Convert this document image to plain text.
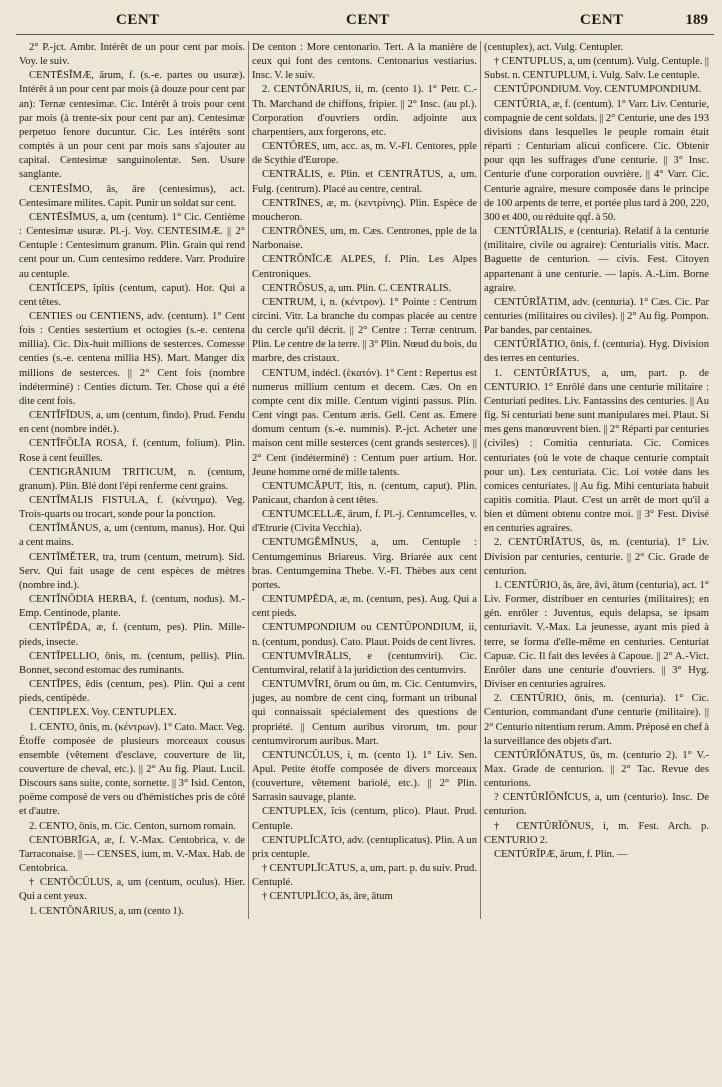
CENT	CENT	CENT	189

2° P.-jct. Ambr. Intérêt de un pour cent par mois. Voy. le suiv.

CENTĒSĬMÆ, ārum, f. (s.-e. partes ou usuræ). Intérêt à un pour cent par mois (à douze pour cent par an): Ternæ centesimæ. Cic. Intérêt à trois pour cent par mois (à trente-six pour cent par an). Centesimæ perpetuo fenore ducuntur. Cic. Les intérêts sont comptés à un pour cent par mois sans s'ajouter au capital. Centesimæ sanguinolentæ. Sen. Usure sanglante.

CENTĒSĬMO, ās, āre (centesimus), act. Centesimare milites. Capit. Punir un soldat sur cent.

CENTĒSĬMUS, a, um (centum). 1° Cic. Centième : Centesimæ usuræ. Pl.-j. Voy. CENTESIMÆ. || 2° Centuple : Centesimum granum. Plin. Grain qui rend cent pour un. Cum centesimo reddere. Varr. Produire au centuple.

CENTĬCEPS, ĭpĭtis (centum, caput). Hor. Qui a cent têtes.

CENTIES ou CENTIENS, adv. (centum). 1° Cent fois : Centies sestertium et octogies (s.-e. centena millia). Cic. Dix-huit millions de sesterces. Comesse centies (s.-e. centena millia HS). Mart. Manger dix millions de sesterces. || 2° Cent fois (nombre indéterminé) : Centies dictum. Ter. Chose qui a été dite cent fois.

CENTĬFĬDUS, a, um (centum, findo). Prud. Fendu en cent (nombre indét.).

CENTĬFŎLĬA ROSA, f. (centum, folium). Plin. Rose à cent feuilles.

CENTIGRĀNIUM TRITICUM, n. (centum, granum). Plin. Blé dont l'épi renferme cent grains.

CENTĬMĀLIS FISTULA, f. (κέντημα). Veg. Trois-quarts ou trocart, sonde pour la ponction.

CENTĬMĂNUS, a, um (centum, manus). Hor. Qui a cent mains.

CENTĬMĔTER, tra, trum (centum, metrum). Sid. Serv. Qui fait usage de cent espèces de mètres (nombre ind.).

CENTĬNŌDIA HERBA, f. (centum, nodus). M.-Emp. Centinode, plante.

CENTĬPĔDA, æ, f. (centum, pes). Plin. Mille-pieds, insecte.

CENTĬPELLIO, ōnis, m. (centum, pellis). Plin. Bonnet, second estomac des ruminants.

CENTĬPES, ĕdis (centum, pes). Plin. Qui a cent pieds, centipède.

CENTIPLEX. Voy. CENTUPLEX.

1. CENTO, ōnis, m. (κέντρων). 1° Cato. Macr. Veg. Étoffe composée de plusieurs morceaux cousus ensemble (vêtement d'esclave, couverture de lit, couverture de cheval, etc.). || 2° Au fig. Plaut. Lucil. Discours sans suite, conte, sornette. || 3° Isid. Centon, poëme composé de vers ou d'hémistiches pris de côté et d'autre.

2. CENTO, ōnis, m. Cic. Centon, surnom romain.

CENTOBRĪGA, æ, f. V.-Max. Centobrica, v. de Tarraconaise. || — CENSES, ium, m. V.-Max. Hab. de Centobrica.

† CENTŎCŬLUS, a, um (centum, oculus). Hier. Qui a cent yeux.

1. CENTŌNĀRIUS, a, um (cento 1).

De centon : More centonario. Tert. A la manière de ceux qui font des centons. Centonarius vestiarius. Insc. V. le suiv.

2. CENTŌNĀRIUS, ii, m. (cento 1). 1° Petr. C.-Th. Marchand de chiffons, fripier. || 2° Insc. (au pl.). Corporation d'ouvriers ordin. adjointe aux charpentiers, aux forgerons, etc.

CENTŌRES, um, acc. as, m. V.-Fl. Centores, pple de Scythie d'Europe.

CENTRĀLIS, e. Plin. et CENTRĀTUS, a, um. Fulg. (centrum). Placé au centre, central.

CENTRĪNES, æ, m. (κεντρίνης). Plin. Espèce de moucheron.

CENTRŌNES, um, m. Cæs. Centrones, pple de la Narbonaise.

CENTRŌNĬCÆ ALPES, f. Plin. Les Alpes Centroniques.

CENTRŌSUS, a, um. Plin. C. CENTRALIS.

CENTRUM, i, n. (κέντρον). 1° Pointe : Centrum circini. Vitr. La branche du compas placée au centre du cercle qu'il décrit. || 2° Centre : Terræ centrum. Plin. Le centre de la terre. || 3° Plin. Nœud du bois, du marbre, des cristaux.

CENTUM, indécl. (ἑκατόν). 1° Cent : Repertus est numerus millium centum et decem. Cæs. On en compte cent dix mille. Centum viginti passus. Plin. Cent vingt pas. Centum æris. Gell. Cent as. Emere domum centum (s.-e. nummis). P.-jct. Acheter une maison cent mille sesterces (cent grands sesterces). || 2° Cent (indéterminé) : Centum puer artium. Hor. Jeune homme orné de mille talents.

CENTUMCĂPUT, ĭtis, n. (centum, caput). Plin. Panicaut, chardon à cent têtes.

CENTUMCELLÆ, ārum, f. Pl.-j. Centumcelles, v. d'Etrurie (Civita Vecchia).

CENTUMGĔMĬNUS, a, um. Centuple : Centumgeminus Briareus. Virg. Briarée aux cent bras. Centumgemina Thebe. V.-Fl. Thèbes aux cent portes.

CENTUMPĔDA, æ, m. (centum, pes). Aug. Qui a cent pieds.

CENTUMPONDIUM ou CENTŬPONDIUM, ii, n. (centum, pondus). Cato. Plaut. Poids de cent livres.

CENTUMVĬRĀLIS, e (centumviri). Cic. Centumviral, relatif à la juridiction des centumvirs.

CENTUMVĬRI, ōrum ou ûm, m. Cic. Centumvirs, juges, au nombre de cent cinq, formant un tribunal qui connaissait spécialement des questions de propriété. || Centum auribus virorum, tm. pour centumvirorum auribus. Mart.

CENTUNCŬLUS, i, m. (cento 1). 1° Liv. Sen. Apul. Petite étoffe composée de divers morceaux (couverture, vêtement bariolé, etc.). || 2° Plin. Sarrasin sauvage, plante.

CENTUPLEX, ĭcis (centum, plico). Plaut. Prud. Centuple.

CENTUPLĬCĀTO, adv. (centuplicatus). Plin. A un prix centuple.

† CENTUPLĬCĀTUS, a, um, part. p. du suiv. Prud. Centuplé.

† CENTUPLĬCO, ās, āre, ātum

(centuplex), act. Vulg. Centupler.

† CENTUPLUS, a, um (centum). Vulg. Centuple. || Subst. n. CENTUPLUM, i. Vulg. Salv. Le centuple.

CENTŬPONDIUM. Voy. CENTUMPONDIUM.

CENTŬRIA, æ, f. (centum). 1° Varr. Liv. Centurie, compagnie de cent soldats. || 2° Centurie, une des 193 divisions dans lesquelles le peuple romain était réparti : Centuriam alicui conficere. Cic. Obtenir pour qqn les suffrages d'une centurie. || 3° Insc. Centurie d'une corporation ouvrière. || 4° Varr. Cic. Centurie agraire, mesure composée dans le principe de 100 arpents de terre, et portée plus tard à 200, 220, 300 et 400, ou réduite qqf. à 50.

CENTŬRĬĀLIS, e (centuria). Relatif à la centurie (militaire, civile ou agraire): Centurialis vitis. Macr. Baguette de centurion. — civis. Fest. Citoyen appartenant à une centurie. — lapis. A.-Lim. Borne agraire.

CENTŬRĬĀTIM, adv. (centuria). 1° Cæs. Cic. Par centuries (militaires ou civiles). || 2° Au fig. Pompon. Par bandes, par centaines.

CENTŬRĬĀTIO, ōnis, f. (centuria). Hyg. Division des terres en centuries.

1. CENTŬRĬĀTUS, a, um, part. p. de CENTURIO. 1° Enrôlé dans une centurie militaire : Centuriati pedites. Liv. Fantassins des centuries. || Au fig. Si centuriati bene sunt manipulares mei. Plaut. Si mes gens manœuvrent bien. || 2° Réparti par centuries (civiles) : Comitia centuriata. Cic. Comices centuriates (où le vote de chaque centurie comptait pour un). Lex centuriata. Cic. Loi votée dans les comices centuriates. || Au fig. Mihi centuriata habuit capitis comitia. Plaut. C'est un arrêt de mort qu'il a bien et dûment obtenu contre moi. || 3° Fest. Divisé en centuries agraires.

2. CENTŬRĬĀTUS, ūs, m. (centuria). 1° Liv. Division par centuries, centurie. || 2° Cic. Grade de centurion.

1. CENTŬRIO, ās, āre, āvi, ātum (centuria), act. 1° Liv. Former, distribuer en centuries (militaires); en gén. enrôler : Juventus, equis delapsa, se ipsam centuriavit. V.-Max. La jeunesse, ayant mis pied à terre, se forma d'elle-même en centuries. Centuriat Capuæ. Cic. Il fait des levées à Capoue. || 2° A.-Vict. Enrôler dans une centurie d'ouvriers. || 3° Hyg. Diviser en centuries agraires.

2. CENTŬRIO, ōnis, m. (centuria). 1° Cic. Centurion, commandant d'une centurie (militaire). || 2° Centurio nitentium rerum. Amm. Préposé en chef à la surveillance des objets d'art.

CENTŬRĬŌNĀTUS, ūs, m. (centurio 2). 1° V.-Max. Grade de centurion. || 2° Tac. Revue des centurions.

? CENTŬRĬŌNĬCUS, a, um (centurio). Insc. De centurion.

† CENTŬRĬŌNUS, i, m. Fest. Arch. p. CENTURIO 2.

CENTŬRĬPÆ, ārum, f. Plin. —
